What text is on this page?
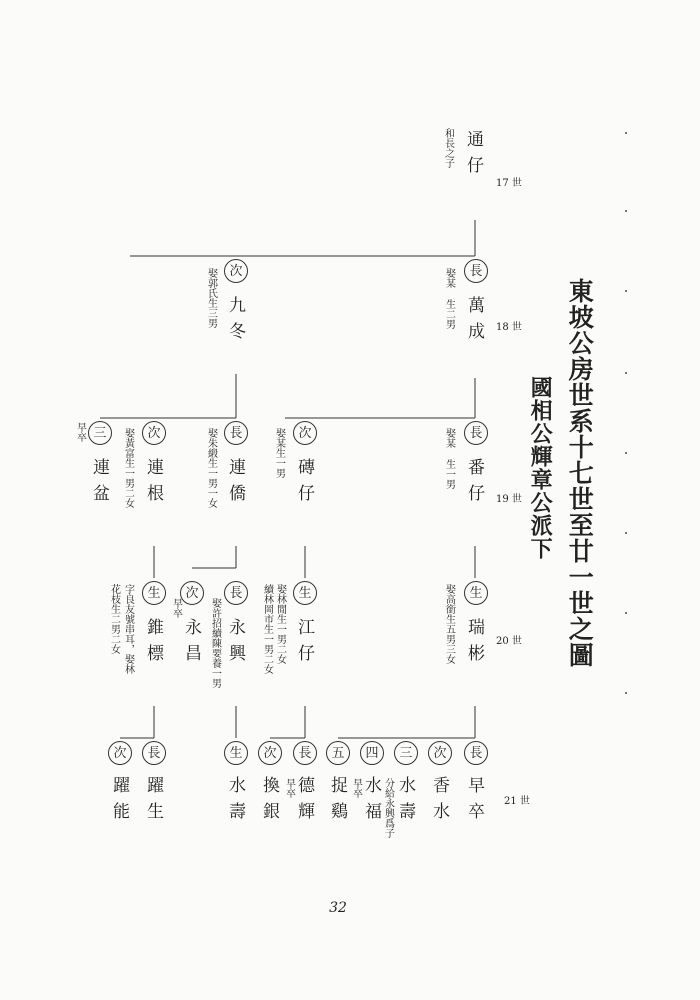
東坡公房世系十七世至廿一世之圖
國相公輝章公派下
17 世
18 世
19 世
20 世
21 世
通仔
和長之子
長
萬成
娶某 生二男
次
九冬
娶郭氏生三男
長
番仔
娶某 生一男
次
磚仔
娶某生一男
長
連僑
娶朱緞生一男一女
次
連根
娶黃富生一男二女
三
連盆
早卒
生
瑞彬
娶高銜生五男三女
生
江仔
娶林閒生一男二女
續林岡市生一男二女
長
永興
娶許招續陳要養一男
次
永昌
早卒
生
錐標
字良友號串耳，娶林
花枝生二男二女
長
早卒
次
香水
三
水壽
分給永興爲子
四
水福
早卒
五
捉鷄
長
德輝
早卒
次
換銀
生
水壽
長
躍生
次
躍能
32
